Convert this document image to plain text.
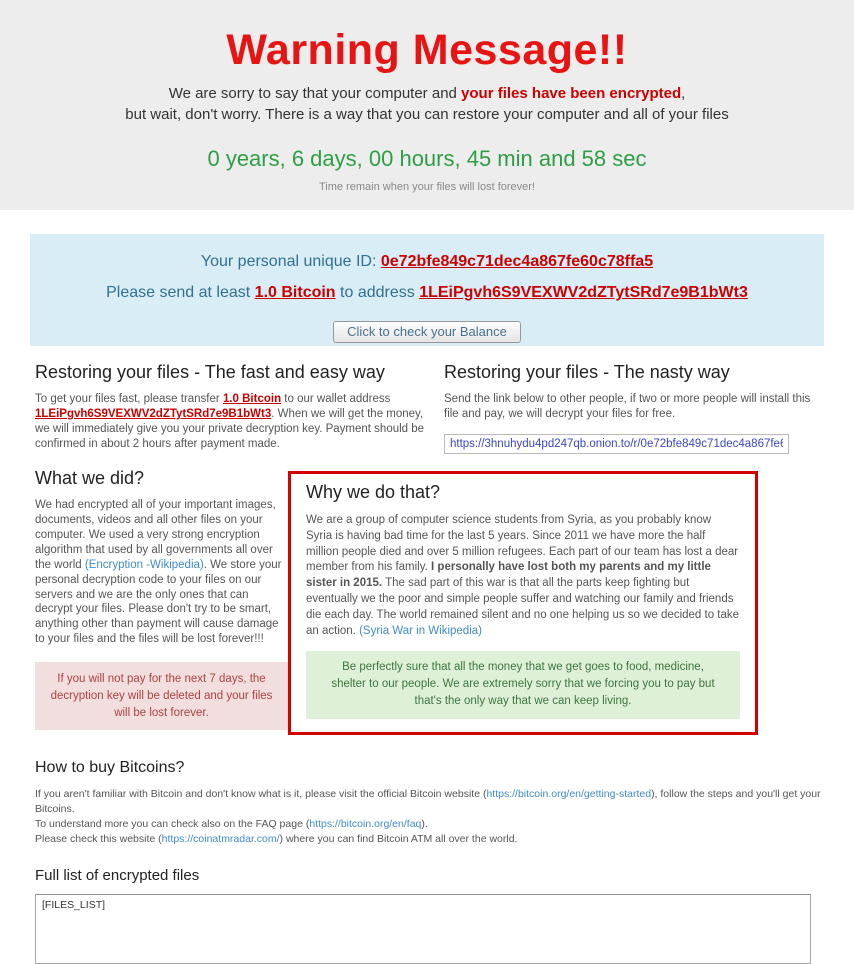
Warning Message!!
We are sorry to say that your computer and your files have been encrypted,
but wait, don't worry. There is a way that you can restore your computer and all of your files
0 years, 6 days, 00 hours, 45 min and 58 sec
Time remain when your files will lost forever!
Your personal unique ID: 0e72bfe849c71dec4a867fe60c78ffa5
Please send at least 1.0 Bitcoin to address 1LEiPgvh6S9VEXWV2dZTytSRd7e9B1bWt3
Click to check your Balance
Restoring your files - The fast and easy way

To get your files fast, please transfer 1.0 Bitcoin to our wallet address 1LEiPgvh6S9VEXWV2dZTytSRd7e9B1bWt3. When we will get the money, we will immediately give you your private decryption key. Payment should be confirmed in about 2 hours after payment made.

Restoring your files - The nasty way

Send the link below to other people, if two or more people will install this file and pay, we will decrypt your files for free.

https://3hnuhydu4pd247qb.onion.to/r/0e72bfe849c71dec4a867fe60c78ffa5
What we did?

We had encrypted all of your important images, documents, videos and all other files on your computer. We used a very strong encryption algorithm that used by all governments all over the world (Encryption -Wikipedia). We store your personal decryption code to your files on our servers and we are the only ones that can decrypt your files. Please don't try to be smart, anything other than payment will cause damage to your files and the files will be lost forever!!!

If you will not pay for the next 7 days, the decryption key will be deleted and your files will be lost forever.
Why we do that?

We are a group of computer science students from Syria, as you probably know Syria is having bad time for the last 5 years. Since 2011 we have more the half million people died and over 5 million refugees. Each part of our team has lost a dear member from his family. I personally have lost both my parents and my little sister in 2015. The sad part of this war is that all the parts keep fighting but eventually we the poor and simple people suffer and watching our family and friends die each day. The world remained silent and no one helping us so we decided to take an action. (Syria War in Wikipedia)

Be perfectly sure that all the money that we get goes to food, medicine, shelter to our people. We are extremely sorry that we forcing you to pay but that's the only way that we can keep living.
How to buy Bitcoins?

If you aren't familiar with Bitcoin and don't know what is it, please visit the official Bitcoin website (https://bitcoin.org/en/getting-started), follow the steps and you'll get your Bitcoins.

To understand more you can check also on the FAQ page (https://bitcoin.org/en/faq).

Please check this website (https://coinatmradar.com/) where you can find Bitcoin ATM all over the world.

Full list of encrypted files
[FILES_LIST]
